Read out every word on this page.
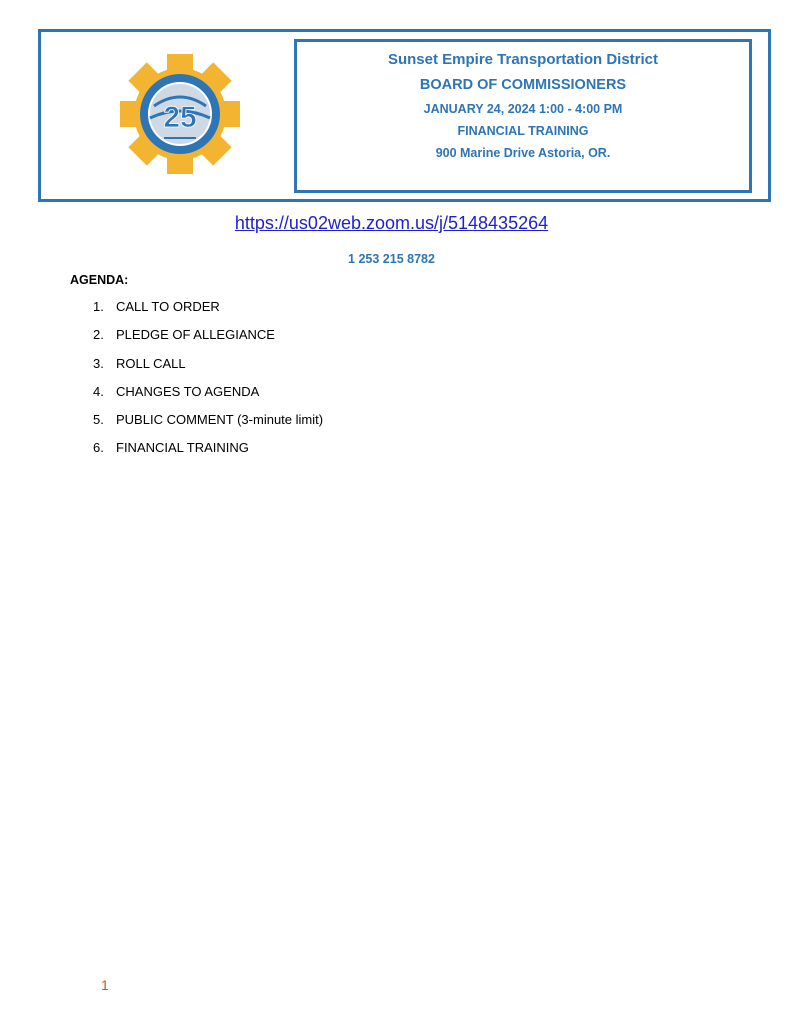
25
Sunset Empire Transportation District
BOARD OF COMMISSIONERS
JANUARY 24, 2024 1:00 - 4:00 PM
FINANCIAL TRAINING
900 Marine Drive Astoria, OR.
https://us02web.zoom.us/j/5148435264
1 253 215 8782
AGENDA:
1. CALL TO ORDER
2. PLEDGE OF ALLEGIANCE
3. ROLL CALL
4. CHANGES TO AGENDA
5. PUBLIC COMMENT (3-minute limit)
6. FINANCIAL TRAINING
1
